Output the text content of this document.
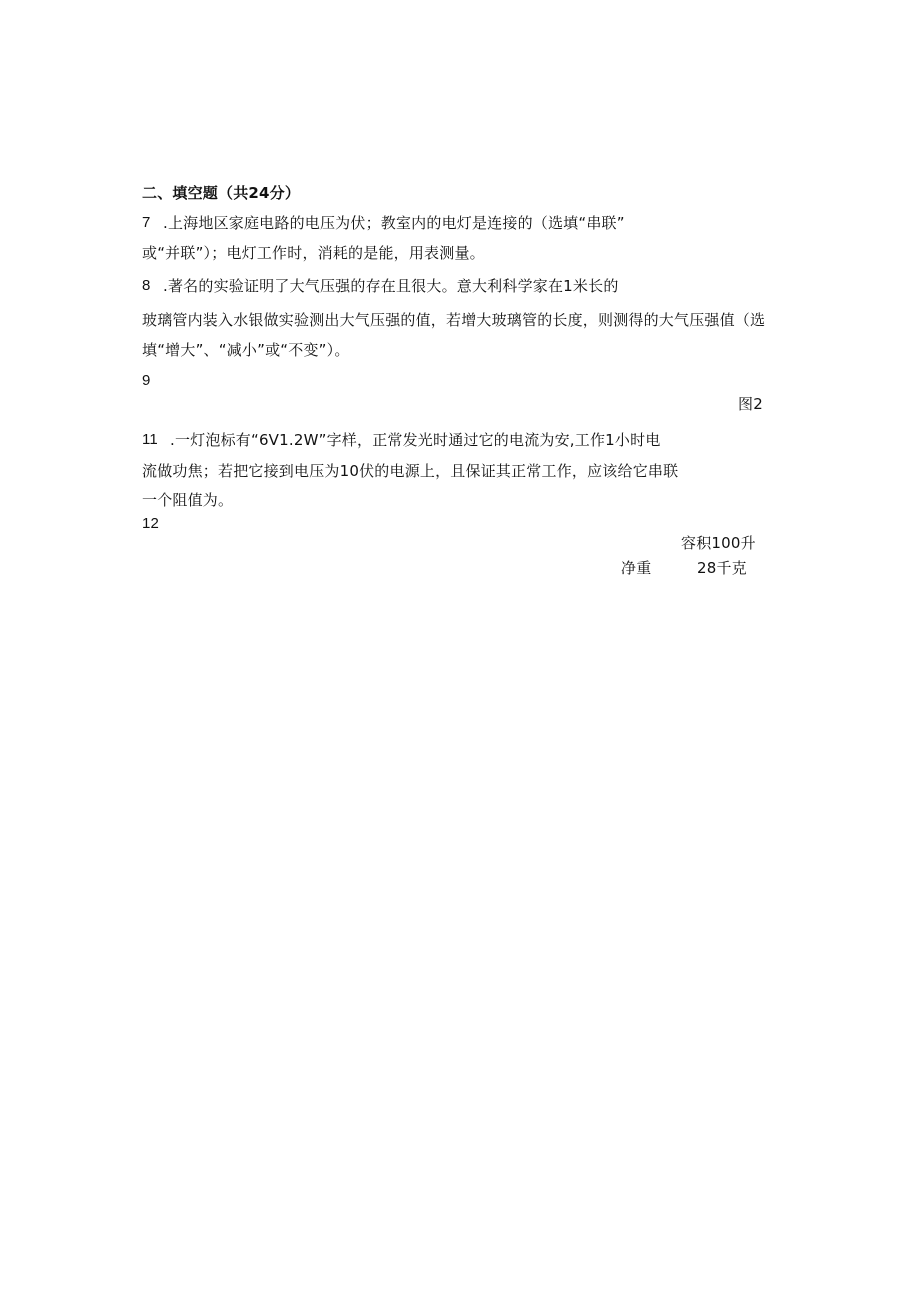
二、填空题（共24分）
7 .上海地区家庭电路的电压为伏；教室内的电灯是连接的（选填“串联”
或“并联”）；电灯工作时，消耗的是能，用表测量。
8 .著名的实验证明了大气压强的存在且很大。意大利科学家在1米长的
玻璃管内装入水银做实验测出大气压强的值，若增大玻璃管的长度，则测得的大气压强值（选
填“增大”、“减小”或“不变”）。
9
图2
11 .一灯泡标有“6V1.2W”字样，正常发光时通过它的电流为安,工作1小时电
流做功焦；若把它接到电压为10伏的电源上，且保证其正常工作，应该给它串联
一个阻值为。
12
容积100升
净重	28千克
